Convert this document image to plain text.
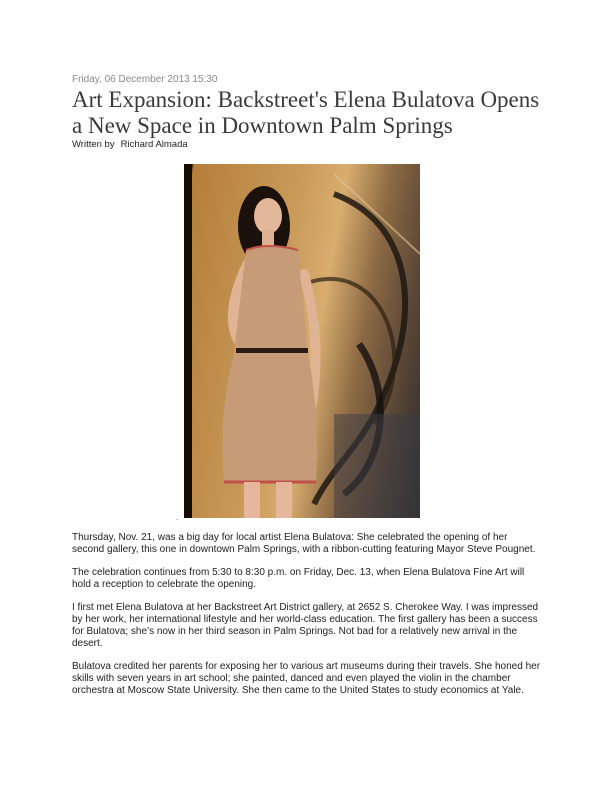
Friday, 06 December 2013 15:30
Art Expansion: Backstreet's Elena Bulatova Opens a New Space in Downtown Palm Springs
Written by Richard Almada
.

Thursday, Nov. 21, was a big day for local artist Elena Bulatova: She celebrated the opening of her second gallery, this one in downtown Palm Springs, with a ribbon-cutting featuring Mayor Steve Pougnet.

The celebration continues from 5:30 to 8:30 p.m. on Friday, Dec. 13, when Elena Bulatova Fine Art will hold a reception to celebrate the opening.

I first met Elena Bulatova at her Backstreet Art District gallery, at 2652 S. Cherokee Way. I was impressed by her work, her international lifestyle and her world-class education. The first gallery has been a success for Bulatova; she’s now in her third season in Palm Springs. Not bad for a relatively new arrival in the desert.

Bulatova credited her parents for exposing her to various art museums during their travels. She honed her skills with seven years in art school; she painted, danced and even played the violin in the chamber orchestra at Moscow State University. She then came to the United States to study economics at Yale.
